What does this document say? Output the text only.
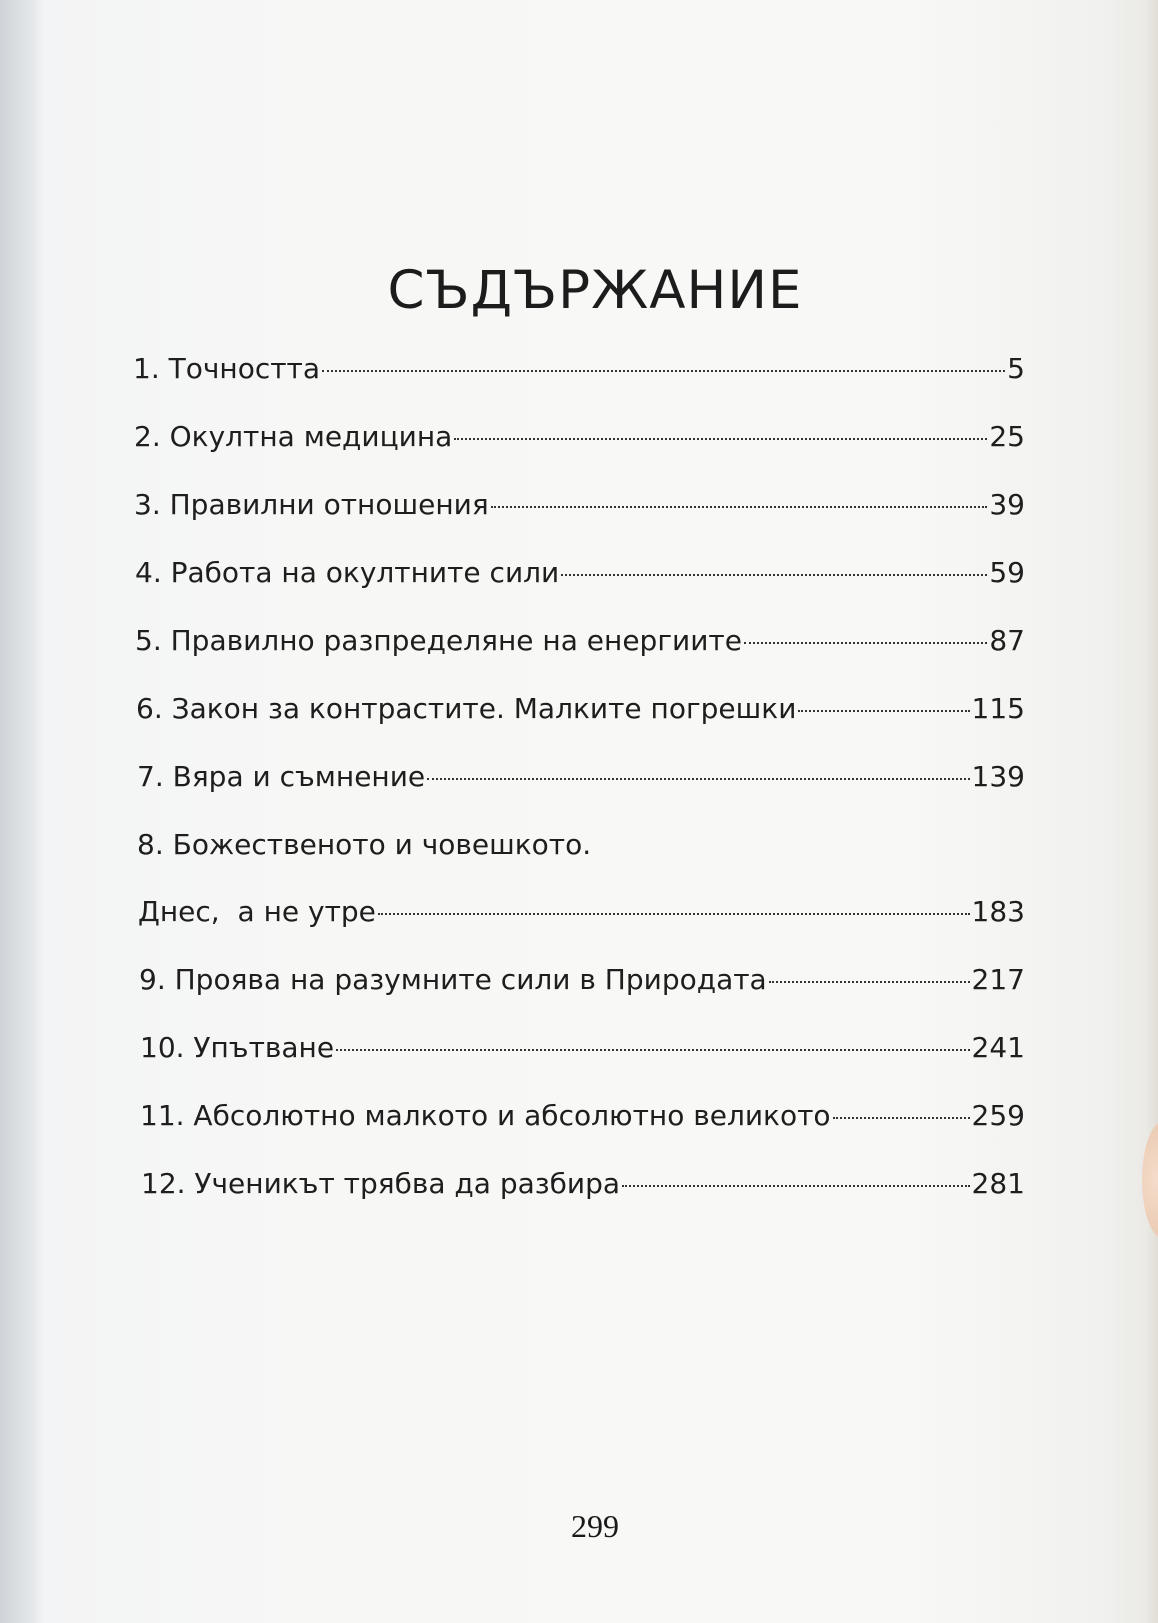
СЪДЪРЖАНИЕ
1. Точността	5
2. Окултна медицина	25
3. Правилни отношения	39
4. Работа на окултните сили	59
5. Правилно разпределяне на енергиите	87
6. Закон за контрастите. Малките погрешки	115
7. Вяра и съмнение	139
8. Божественото и човешкото.
Днес,  а не утре	183
9. Проява на разумните сили в Природата	217
10. Упътване	241
11. Абсолютно малкото и абсолютно великото	259
12. Ученикът трябва да разбира	281
299
